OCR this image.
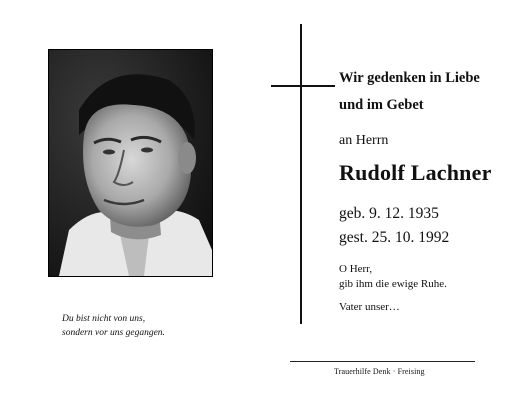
Du bist nicht von uns,
sondern vor uns gegangen.
Wir gedenken in Liebe
und im Gebet
an Herrn
Rudolf Lachner
geb. 9. 12. 1935
gest. 25. 10. 1992
O Herr,
gib ihm die ewige Ruhe.
Vater unser…
Trauerhilfe Denk · Freising
